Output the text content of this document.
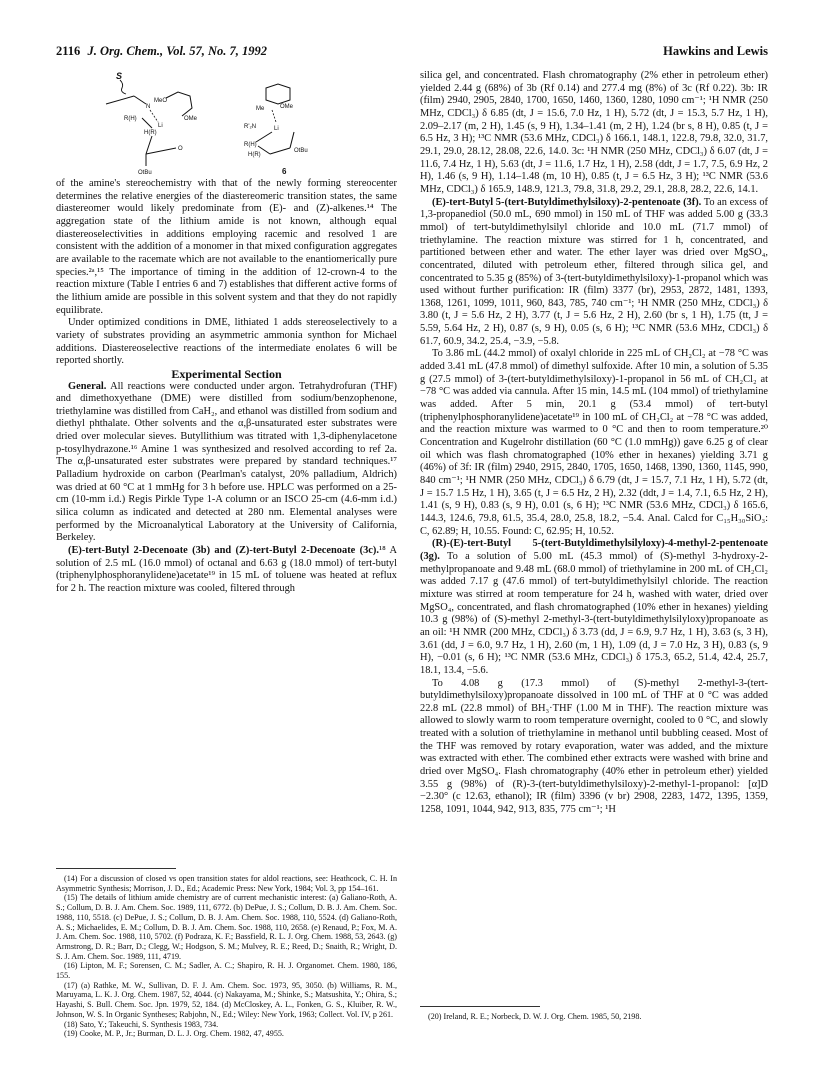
2116 J. Org. Chem., Vol. 57, No. 7, 1992	Hawkins and Lewis
S
N
MeO
Li
OMe
R(H)
H(R)
O
OtBu
Me	OMe
Li
R'₂N
R(H)
H(R)
OtBu
6

of the amine's stereochemistry with that of the newly forming stereocenter determines the relative energies of the diastereomeric transition states, the same diastereomer would likely predominate from (E)- and (Z)-alkenes.¹⁴ The aggregation state of the lithium amide is not known, although equal diastereoselectivities in additions employing racemic and resolved 1 are consistent with the addition of a monomer in that mixed configuration aggregates are available to the racemate which are not available to the enantiomerically pure species.²ᵃ,¹⁵ The importance of timing in the addition of 12-crown-4 to the reaction mixture (Table I entries 6 and 7) establishes that different active forms of the lithium amide are possible in this solvent system and that they do not rapidly equilibrate.

Under optimized conditions in DME, lithiated 1 adds stereoselectively to a variety of substrates providing an asymmetric ammonia synthon for Michael additions. Diastereoselective reactions of the intermediate enolates 6 will be reported shortly.

Experimental Section

General. All reactions were conducted under argon. Tetrahydrofuran (THF) and dimethoxyethane (DME) were distilled from sodium/benzophenone, triethylamine was distilled from CaH₂, and ethanol was distilled from sodium and diethyl phthalate. Other solvents and the α,β-unsaturated ester substrates were dried over molecular sieves. Butyllithium was titrated with 1,3-diphenylacetone p-tosylhydrazone.¹⁶ Amine 1 was synthesized and resolved according to ref 2a. The α,β-unsaturated ester substrates were prepared by standard techniques.¹⁷ Palladium hydroxide on carbon (Pearlman's catalyst, 20% palladium, Aldrich) was dried at 60 °C at 1 mmHg for 3 h before use. HPLC was performed on a 25-cm (10-mm i.d.) Regis Pirkle Type 1-A column or an ISCO 25-cm (4.6-mm i.d.) silica column as indicated and detected at 280 nm. Elemental analyses were performed by the Microanalytical Laboratory at the University of California, Berkeley.

(E)-tert-Butyl 2-Decenoate (3b) and (Z)-tert-Butyl 2-Decenoate (3c).¹⁸ A solution of 2.5 mL (16.0 mmol) of octanal and 6.63 g (18.0 mmol) of tert-butyl (triphenylphosphoranylidene)acetate¹⁹ in 15 mL of toluene was heated at reflux for 2 h. The reaction mixture was cooled, filtered through

(14) For a discussion of closed vs open transition states for aldol reactions, see: Heathcock, C. H. In Asymmetric Synthesis; Morrison, J. D., Ed.; Academic Press: New York, 1984; Vol. 3, pp 154–161.

(15) The details of lithium amide chemistry are of current mechanistic interest: (a) Galiano-Roth, A. S.; Collum, D. B. J. Am. Chem. Soc. 1989, 111, 6772. (b) DePue, J. S.; Collum, D. B. J. Am. Chem. Soc. 1988, 110, 5518. (c) DePue, J. S.; Collum, D. B. J. Am. Chem. Soc. 1988, 110, 5524. (d) Galiano-Roth, A. S.; Michaelides, E. M.; Collum, D. B. J. Am. Chem. Soc. 1988, 110, 2658. (e) Renaud, P.; Fox, M. A. J. Am. Chem. Soc. 1988, 110, 5702. (f) Podraza, K. F.; Bassfield, R. L. J. Org. Chem. 1988, 53, 2643. (g) Armstrong, D. R.; Barr, D.; Clegg, W.; Hodgson, S. M.; Mulvey, R. E.; Reed, D.; Snaith, R.; Wright, D. S. J. Am. Chem. Soc. 1989, 111, 4719.

(16) Lipton, M. F.; Sorensen, C. M.; Sadler, A. C.; Shapiro, R. H. J. Organomet. Chem. 1980, 186, 155.

(17) (a) Rathke, M. W., Sullivan, D. F. J. Am. Chem. Soc. 1973, 95, 3050. (b) Williams, R. M., Maruyama, L. K. J. Org. Chem. 1987, 52, 4044. (c) Nakayama, M.; Shinke, S.; Matsushita, Y.; Ohira, S.; Hayashi, S. Bull. Chem. Soc. Jpn. 1979, 52, 184. (d) McCloskey, A. L., Fonken, G. S., Kluiber, R. W., Johnson, W. S. In Organic Syntheses; Rabjohn, N., Ed.; Wiley: New York, 1963; Collect. Vol. IV, p 261.

(18) Sato, Y.; Takeuchi, S. Synthesis 1983, 734.

(19) Cooke, M. P., Jr.; Burman, D. L. J. Org. Chem. 1982, 47, 4955.

silica gel, and concentrated. Flash chromatography (2% ether in petroleum ether) yielded 2.44 g (68%) of 3b (Rf 0.14) and 277.4 mg (8%) of 3c (Rf 0.22). 3b: IR (film) 2940, 2905, 2840, 1700, 1650, 1460, 1360, 1280, 1090 cm⁻¹; ¹H NMR (250 MHz, CDCl₃) δ 6.85 (dt, J = 15.6, 7.0 Hz, 1 H), 5.72 (dt, J = 15.3, 5.7 Hz, 1 H), 2.09–2.17 (m, 2 H), 1.45 (s, 9 H), 1.34–1.41 (m, 2 H), 1.24 (br s, 8 H), 0.85 (t, J = 6.5 Hz, 3 H); ¹³C NMR (53.6 MHz, CDCl₃) δ 166.1, 148.1, 122.8, 79.8, 32.0, 31.7, 29.1, 29.0, 28.12, 28.08, 22.6, 14.0. 3c: ¹H NMR (250 MHz, CDCl₃) δ 6.07 (dt, J = 11.6, 7.4 Hz, 1 H), 5.63 (dt, J = 11.6, 1.7 Hz, 1 H), 2.58 (ddt, J = 1.7, 7.5, 6.9 Hz, 2 H), 1.46 (s, 9 H), 1.14–1.48 (m, 10 H), 0.85 (t, J = 6.5 Hz, 3 H); ¹³C NMR (53.6 MHz, CDCl₃) δ 165.9, 148.9, 121.3, 79.8, 31.8, 29.2, 29.1, 28.8, 28.2, 22.6, 14.1.

(E)-tert-Butyl 5-(tert-Butyldimethylsiloxy)-2-pentenoate (3f). To an excess of 1,3-propanediol (50.0 mL, 690 mmol) in 150 mL of THF was added 5.00 g (33.3 mmol) of tert-butyldimethylsilyl chloride and 10.0 mL (71.7 mmol) of triethylamine. The reaction mixture was stirred for 1 h, concentrated, and partitioned between ether and water. The ether layer was dried over MgSO₄, concentrated, diluted with petroleum ether, filtered through silica gel, and concentrated to 5.35 g (85%) of 3-(tert-butyldimethylsiloxy)-1-propanol which was used without further purification: IR (film) 3377 (br), 2953, 2872, 1481, 1393, 1368, 1261, 1099, 1011, 960, 843, 785, 740 cm⁻¹; ¹H NMR (250 MHz, CDCl₃) δ 3.80 (t, J = 5.6 Hz, 2 H), 3.77 (t, J = 5.6 Hz, 2 H), 2.60 (br s, 1 H), 1.75 (tt, J = 5.59, 5.64 Hz, 2 H), 0.87 (s, 9 H), 0.05 (s, 6 H); ¹³C NMR (53.6 MHz, CDCl₃) δ 61.7, 60.9, 34.2, 25.4, −3.9, −5.8.

To 3.86 mL (44.2 mmol) of oxalyl chloride in 225 mL of CH₂Cl₂ at −78 °C was added 3.41 mL (47.8 mmol) of dimethyl sulfoxide. After 10 min, a solution of 5.35 g (27.5 mmol) of 3-(tert-butyldimethylsiloxy)-1-propanol in 56 mL of CH₂Cl₂ at −78 °C was added via cannula. After 15 min, 14.5 mL (104 mmol) of triethylamine was added. After 5 min, 20.1 g (53.4 mmol) of tert-butyl (triphenylphosphoranylidene)acetate¹⁹ in 100 mL of CH₂Cl₂ at −78 °C was added, and the reaction mixture was warmed to 0 °C and then to room temperature.²⁰ Concentration and Kugelrohr distillation (60 °C (1.0 mmHg)) gave 6.25 g of clear oil which was flash chromatographed (10% ether in hexanes) yielding 3.71 g (46%) of 3f: IR (film) 2940, 2915, 2840, 1705, 1650, 1468, 1390, 1360, 1145, 990, 840 cm⁻¹; ¹H NMR (250 MHz, CDCl₃) δ 6.79 (dt, J = 15.7, 7.1 Hz, 1 H), 5.72 (dt, J = 15.7 1.5 Hz, 1 H), 3.65 (t, J = 6.5 Hz, 2 H), 2.32 (ddt, J = 1.4, 7.1, 6.5 Hz, 2 H), 1.41 (s, 9 H), 0.83 (s, 9 H), 0.01 (s, 6 H); ¹³C NMR (53.6 MHz, CDCl₃) δ 165.6, 144.3, 124.6, 79.8, 61.5, 35.4, 28.0, 25.8, 18.2, −5.4. Anal. Calcd for C₁₅H₃₀SiO₃: C, 62.89; H, 10.55. Found: C, 62.95; H, 10.52.

(R)-(E)-tert-Butyl 5-(tert-Butyldimethylsilyloxy)-4-methyl-2-pentenoate (3g). To a solution of 5.00 mL (45.3 mmol) of (S)-methyl 3-hydroxy-2-methylpropanoate and 9.48 mL (68.0 mmol) of triethylamine in 200 mL of CH₂Cl₂ was added 7.17 g (47.6 mmol) of tert-butyldimethylsilyl chloride. The reaction mixture was stirred at room temperature for 24 h, washed with water, dried over MgSO₄, concentrated, and flash chromatographed (10% ether in hexanes) yielding 10.3 g (98%) of (S)-methyl 2-methyl-3-(tert-butyldimethylsilyloxy)propanoate as an oil: ¹H NMR (200 MHz, CDCl₃) δ 3.73 (dd, J = 6.9, 9.7 Hz, 1 H), 3.63 (s, 3 H), 3.61 (dd, J = 6.0, 9.7 Hz, 1 H), 2.60 (m, 1 H), 1.09 (d, J = 7.0 Hz, 3 H), 0.83 (s, 9 H), −0.01 (s, 6 H); ¹³C NMR (53.6 MHz, CDCl₃) δ 175.3, 65.2, 51.4, 42.4, 25.7, 18.1, 13.4, −5.6.

To 4.08 g (17.3 mmol) of (S)-methyl 2-methyl-3-(tert-butyldimethylsiloxy)propanoate dissolved in 100 mL of THF at 0 °C was added 22.8 mL (22.8 mmol) of BH₃·THF (1.00 M in THF). The reaction mixture was allowed to slowly warm to room temperature overnight, cooled to 0 °C, and slowly treated with a solution of triethylamine in methanol until bubbling ceased. Most of the THF was removed by rotary evaporation, water was added, and the mixture was extracted with ether. The combined ether extracts were washed with brine and dried over MgSO₄. Flash chromatography (40% ether in petroleum ether) yielded 3.55 g (98%) of (R)-3-(tert-butyldimethylsiloxy)-2-methyl-1-propanol: [α]D −2.30° (c 12.63, ethanol); IR (film) 3396 (v br) 2908, 2283, 1472, 1395, 1359, 1258, 1091, 1044, 942, 913, 835, 775 cm⁻¹; ¹H

(20) Ireland, R. E.; Norbeck, D. W. J. Org. Chem. 1985, 50, 2198.
